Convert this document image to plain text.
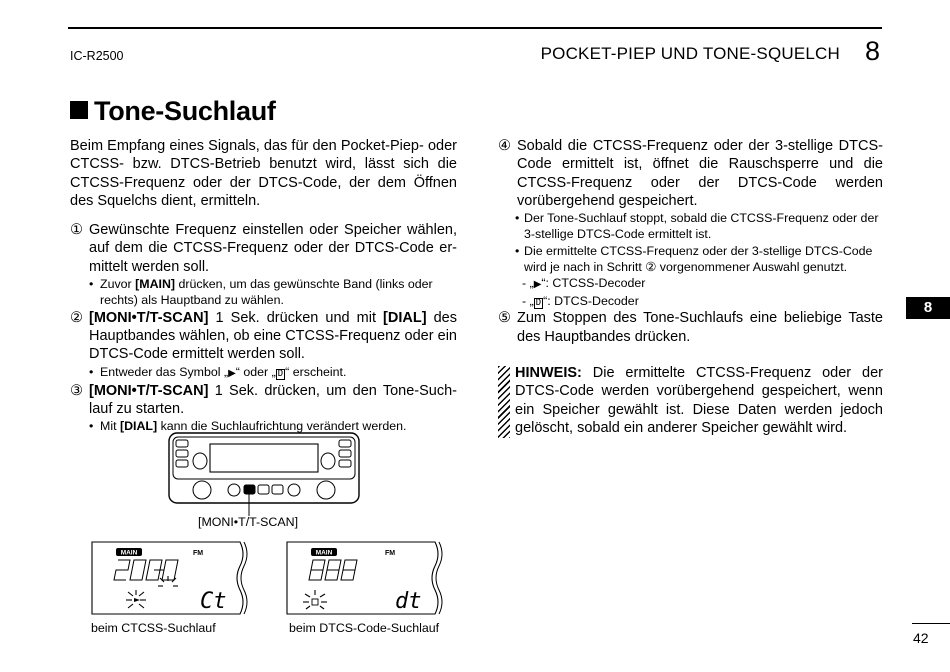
IC-R2500	POCKET-PIEP UND TONE-SQUELCH 8
Tone-Suchlauf

Beim Empfang eines Signals, das für den Pocket-Piep- oder CTCSS- bzw. DTCS-Betrieb benutzt wird, lässt sich die CTCSS-Frequenz oder der DTCS-Code, der dem Öffnen des Squelchs dient, ermitteln.

① Gewünschte Frequenz einstellen oder Speicher wählen, auf dem die CTCSS-Frequenz oder der DTCS-Code ermittelt werden soll.

• Zuvor [MAIN] drücken, um das gewünschte Band (links oder rechts) als Hauptband zu wählen.

② [MONI•T/T-SCAN] 1 Sek. drücken und mit [DIAL] des Hauptbandes wählen, ob eine CTCSS-Frequenz oder ein DTCS-Code ermittelt werden soll.

• Entweder das Symbol „▶“ oder „ D “ erscheint.

③ [MONI•T/T-SCAN] 1 Sek. drücken, um den Tone-Suchlauf zu starten.

• Mit [DIAL] kann die Suchlaufrichtung verändert werden.

[MONI•T/T-SCAN]
MAIN	FM
Ct
beim CTCSS-Suchlauf
MAIN	FM
dt
beim DTCS-Code-Suchlauf

④ Sobald die CTCSS-Frequenz oder der 3-stellige DTCS-Code ermittelt ist, öffnet die Rauschsperre und die CTCSS-Frequenz oder der DTCS-Code werden vorübergehend gespeichert.

• Der Tone-Suchlauf stoppt, sobald die CTCSS-Frequenz oder der 3-stellige DTCS-Code ermittelt ist.

• Die ermittelte CTCSS-Frequenz oder der 3-stellige DTCS-Code wird je nach in Schritt ② vorgenommener Auswahl genutzt.

- „▶“: CTCSS-Decoder

- „ D “: DTCS-Decoder

⑤ Zum Stoppen des Tone-Suchlaufs eine beliebige Taste des Hauptbandes drücken.

HINWEIS: Die ermittelte CTCSS-Frequenz oder der DTCS-Code werden vorübergehend gespeichert, wenn ein Speicher gewählt ist. Diese Daten werden jedoch gelöscht, sobald ein anderer Speicher gewählt wird.

8
42
